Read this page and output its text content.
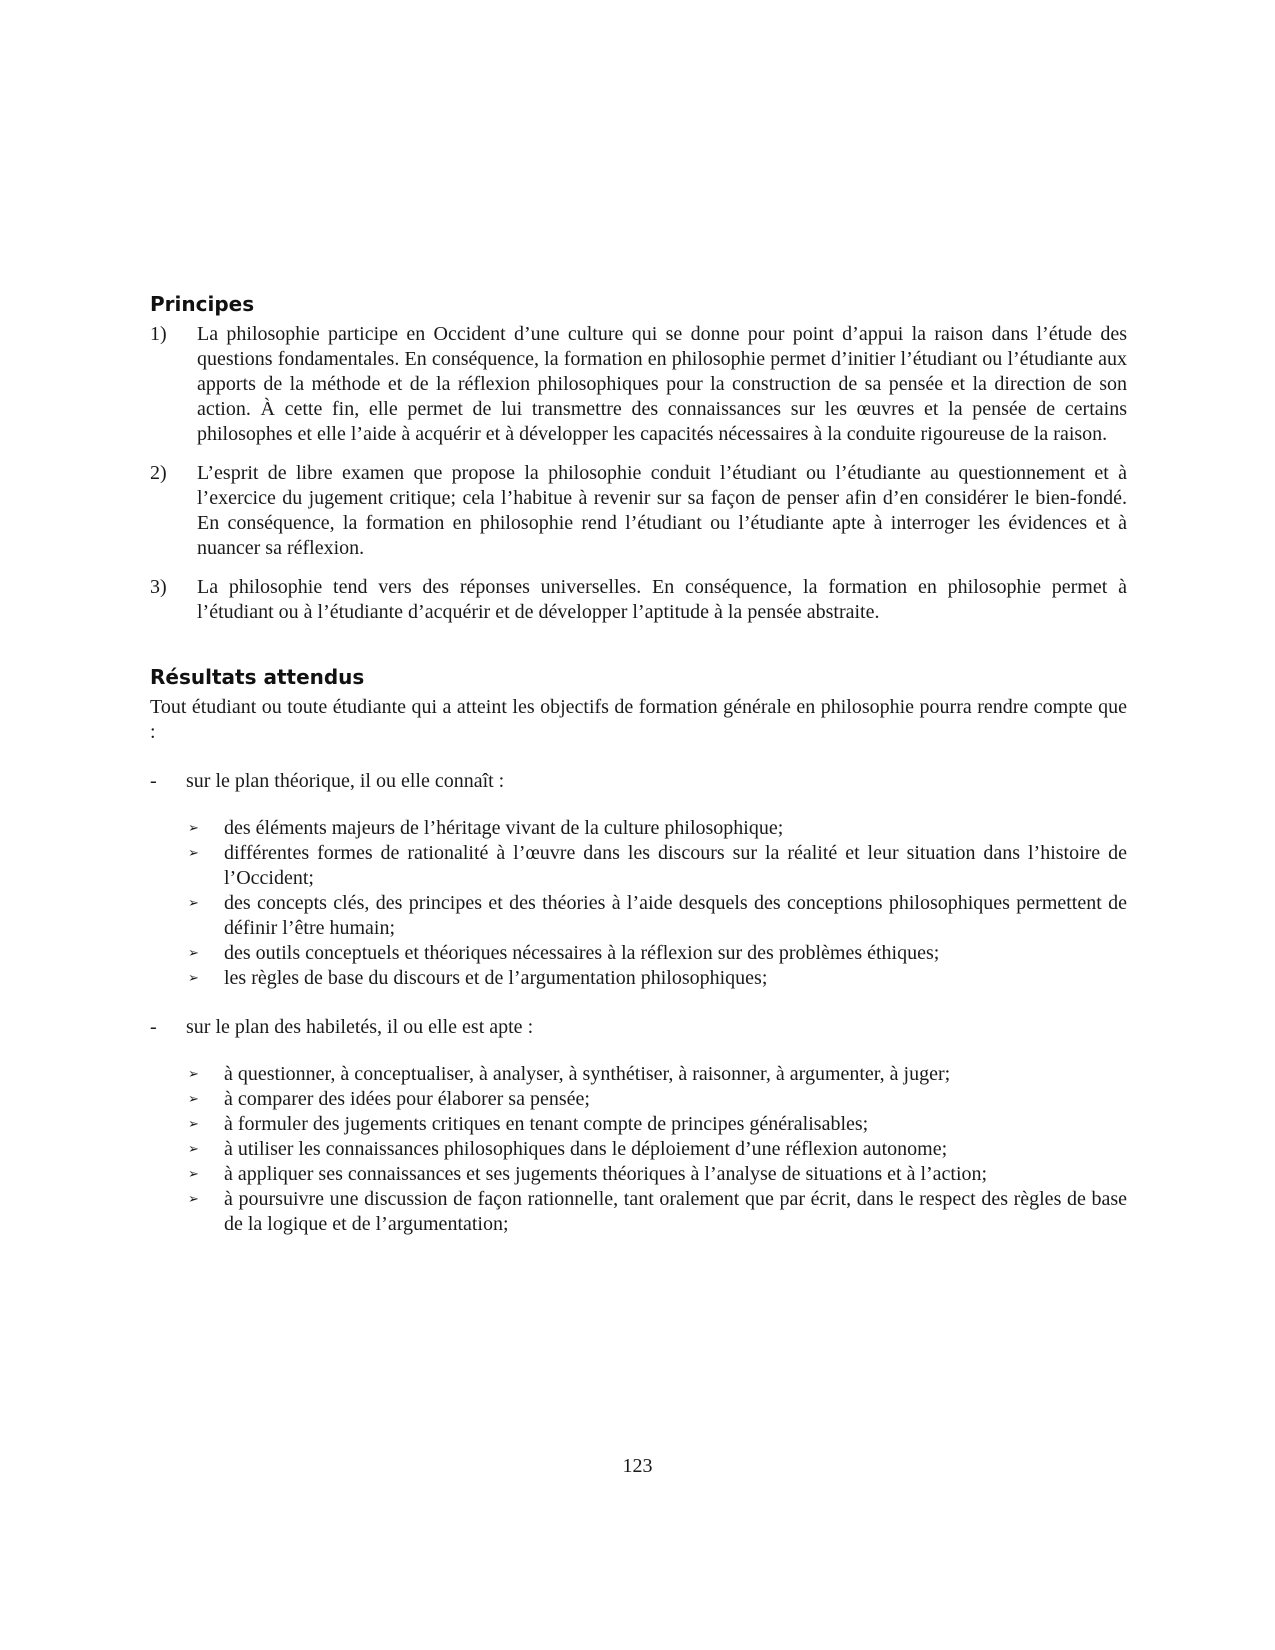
Principes
1) La philosophie participe en Occident d’une culture qui se donne pour point d’appui la raison dans l’étude des questions fondamentales. En conséquence, la formation en philosophie permet d’initier l’étudiant ou l’étudiante aux apports de la méthode et de la réflexion philosophiques pour la construction de sa pensée et la direction de son action. À cette fin, elle permet de lui transmettre des connaissances sur les œuvres et la pensée de certains philosophes et elle l’aide à acquérir et à développer les capacités nécessaires à la conduite rigoureuse de la raison.
2) L’esprit de libre examen que propose la philosophie conduit l’étudiant ou l’étudiante au questionnement et à l’exercice du jugement critique; cela l’habitue à revenir sur sa façon de penser afin d’en considérer le bien-fondé. En conséquence, la formation en philosophie rend l’étudiant ou l’étudiante apte à interroger les évidences et à nuancer sa réflexion.
3) La philosophie tend vers des réponses universelles. En conséquence, la formation en philosophie permet à l’étudiant ou à l’étudiante d’acquérir et de développer l’aptitude à la pensée abstraite.
Résultats attendus

Tout étudiant ou toute étudiante qui a atteint les objectifs de formation générale en philosophie pourra rendre compte que :

- sur le plan théorique, il ou elle connaît :
➢ des éléments majeurs de l’héritage vivant de la culture philosophique;
➢ différentes formes de rationalité à l’œuvre dans les discours sur la réalité et leur situation dans l’histoire de l’Occident;
➢ des concepts clés, des principes et des théories à l’aide desquels des conceptions philosophiques permettent de définir l’être humain;
➢ des outils conceptuels et théoriques nécessaires à la réflexion sur des problèmes éthiques;
➢ les règles de base du discours et de l’argumentation philosophiques;
- sur le plan des habiletés, il ou elle est apte :
➢ à questionner, à conceptualiser, à analyser, à synthétiser, à raisonner, à argumenter, à juger;
➢ à comparer des idées pour élaborer sa pensée;
➢ à formuler des jugements critiques en tenant compte de principes généralisables;
➢ à utiliser les connaissances philosophiques dans le déploiement d’une réflexion autonome;
➢ à appliquer ses connaissances et ses jugements théoriques à l’analyse de situations et à l’action;
➢ à poursuivre une discussion de façon rationnelle, tant oralement que par écrit, dans le respect des règles de base de la logique et de l’argumentation;
123
